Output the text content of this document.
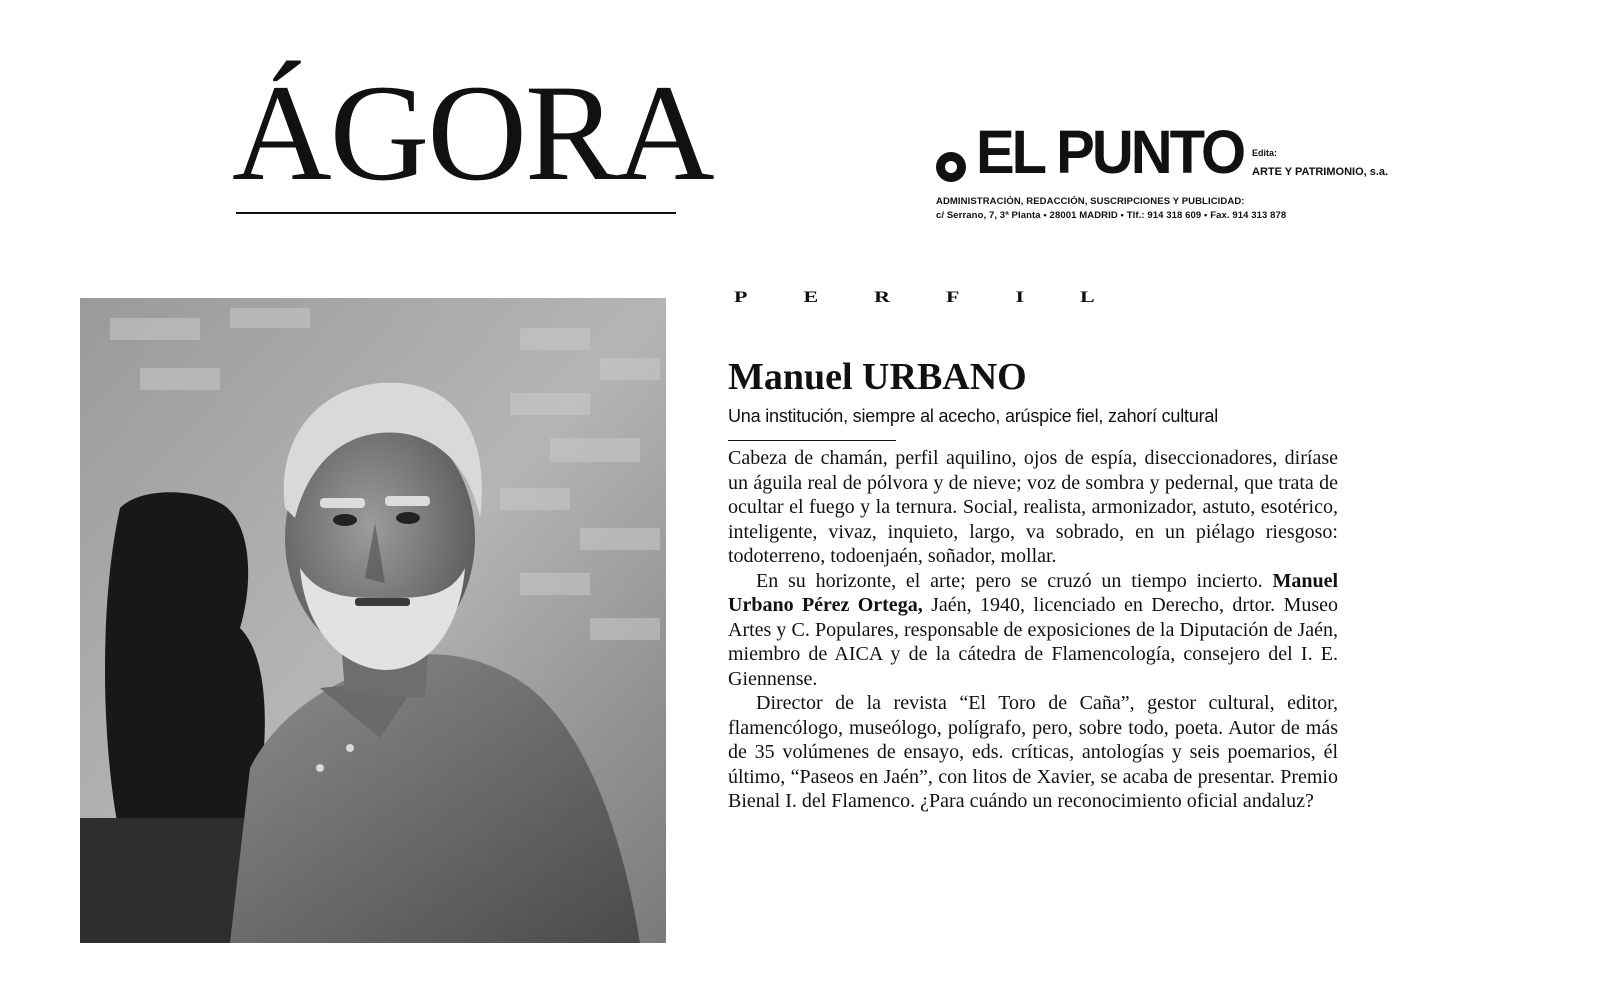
ÁGORA	EL PUNTO Edita:
ARTE Y PATRIMONIO, s.a.
ADMINISTRACIÓN, REDACCIÓN, SUSCRIPCIONES Y PUBLICIDAD:
c/ Serrano, 7, 3ª Planta • 28001 MADRID • Tlf.: 914 318 609 • Fax. 914 313 878
PERFIL
Manuel URBANO
Una institución, siempre al acecho, arúspice fiel, zahorí cultural

Cabeza de chamán, perfil aquilino, ojos de espía, diseccionadores, diríase un águila real de pólvora y de nieve; voz de sombra y pedernal, que trata de ocultar el fuego y la ternura. Social, realista, armonizador, astuto, esotérico, inteligente, vivaz, inquieto, largo, va sobrado, en un piélago riesgoso: todoterreno, todoenjaén, soñador, mollar.

En su horizonte, el arte; pero se cruzó un tiempo incierto. Manuel Urbano Pérez Ortega, Jaén, 1940, licenciado en Derecho, drtor. Museo Artes y C. Populares, responsable de exposiciones de la Diputación de Jaén, miembro de AICA y de la cátedra de Flamencología, consejero del I. E. Giennense.

Director de la revista “El Toro de Caña”, gestor cultural, editor, flamencólogo, museólogo, polígrafo, pero, sobre todo, poeta. Autor de más de 35 volúmenes de ensayo, eds. críticas, antologías y seis poemarios, él último, “Paseos en Jaén”, con litos de Xavier, se acaba de presentar. Premio Bienal I. del Flamenco. ¿Para cuándo un reconocimiento oficial andaluz?
